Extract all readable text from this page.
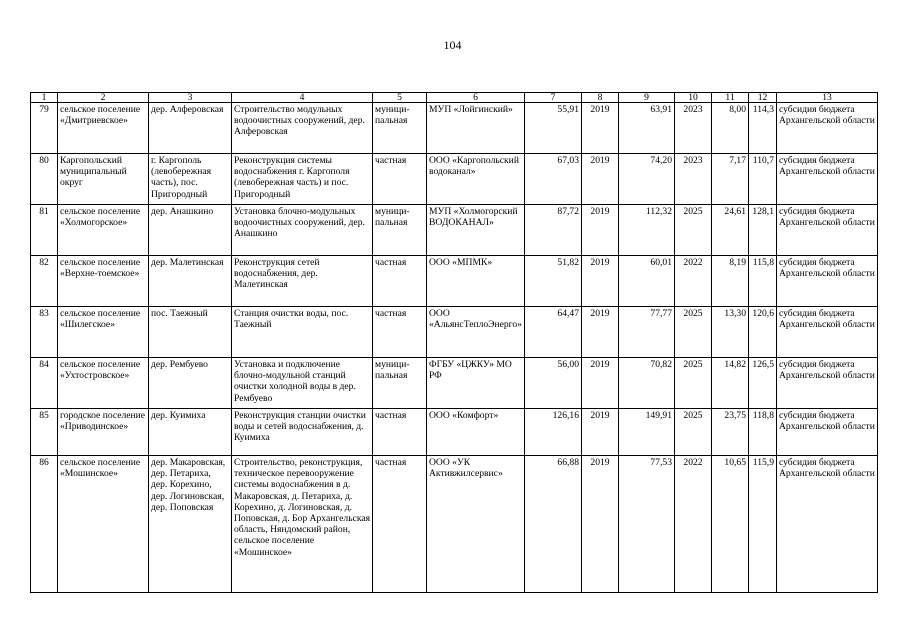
104
1	2	3	4	5	6	7	8	9	10	11	12	13
79	сельское поселение «Дмитриевское»	дер. Алферовская	Строительство модульных водоочистных сооружений, дер. Алферовская	муници-пальная	МУП «Лойгинский»	55,91	2019	63,91	2023	8,00	114,3	субсидия бюджета Архангельской области
80	Каргопольский муниципальный округ	г. Каргополь (левобережная часть), пос. Пригородный	Реконструкция системы водоснабжения г. Каргополя (левобережная часть) и пос. Пригородный	частная	ООО «Каргопольский водоканал»	67,03	2019	74,20	2023	7,17	110,7	субсидия бюджета Архангельской области
81	сельское поселение «Холмогорское»	дер. Анашкино	Установка блочно-модульных водоочистных сооружений, дер. Анашкино	муници-пальная	МУП «Холмогорский ВОДОКАНАЛ»	87,72	2019	112,32	2025	24,61	128,1	субсидия бюджета Архангельской области
82	сельское поселение «Верхне-тоемское»	дер. Малетинская	Реконструкция сетей водоснабжения, дер. Малетинская	частная	ООО «МПМК»	51,82	2019	60,01	2022	8,19	115,8	субсидия бюджета Архангельской области
83	сельское поселение «Шилегское»	пос. Таежный	Станция очистки воды, пос. Таежный	частная	ООО «АльянсТеплоЭнерго»	64,47	2019	77,77	2025	13,30	120,6	субсидия бюджета Архангельской области
84	сельское поселение «Ухтостровское»	дер. Рембуево	Установка и подключение блочно-модульной станций очистки холодной воды в дер. Рембуево	муници-пальная	ФГБУ «ЦЖКУ» МО РФ	56,00	2019	70,82	2025	14,82	126,5	субсидия бюджета Архангельской области
85	городское поселение «Приводинское»	дер. Куимиха	Реконструкция станции очистки воды и сетей водоснабжения, д. Куимиха	частная	ООО «Комфорт»	126,16	2019	149,91	2025	23,75	118,8	субсидия бюджета Архангельской области
86	сельское поселение «Мошинское»	дер. Макаровская, дер. Петариха, дер. Корехино, дер. Логиновская, дер. Поповская	Строительство, реконструкция, техническое перевооружение системы водоснабжения в д. Макаровская, д. Петариха, д. Корехино, д. Логиновская, д. Поповская, д. Бор Архангельская область, Няндомский район, сельское поселение «Мошинское»	частная	ООО «УК Активжилсервис»	66,88	2019	77,53	2022	10,65	115,9	субсидия бюджета Архангельской области
